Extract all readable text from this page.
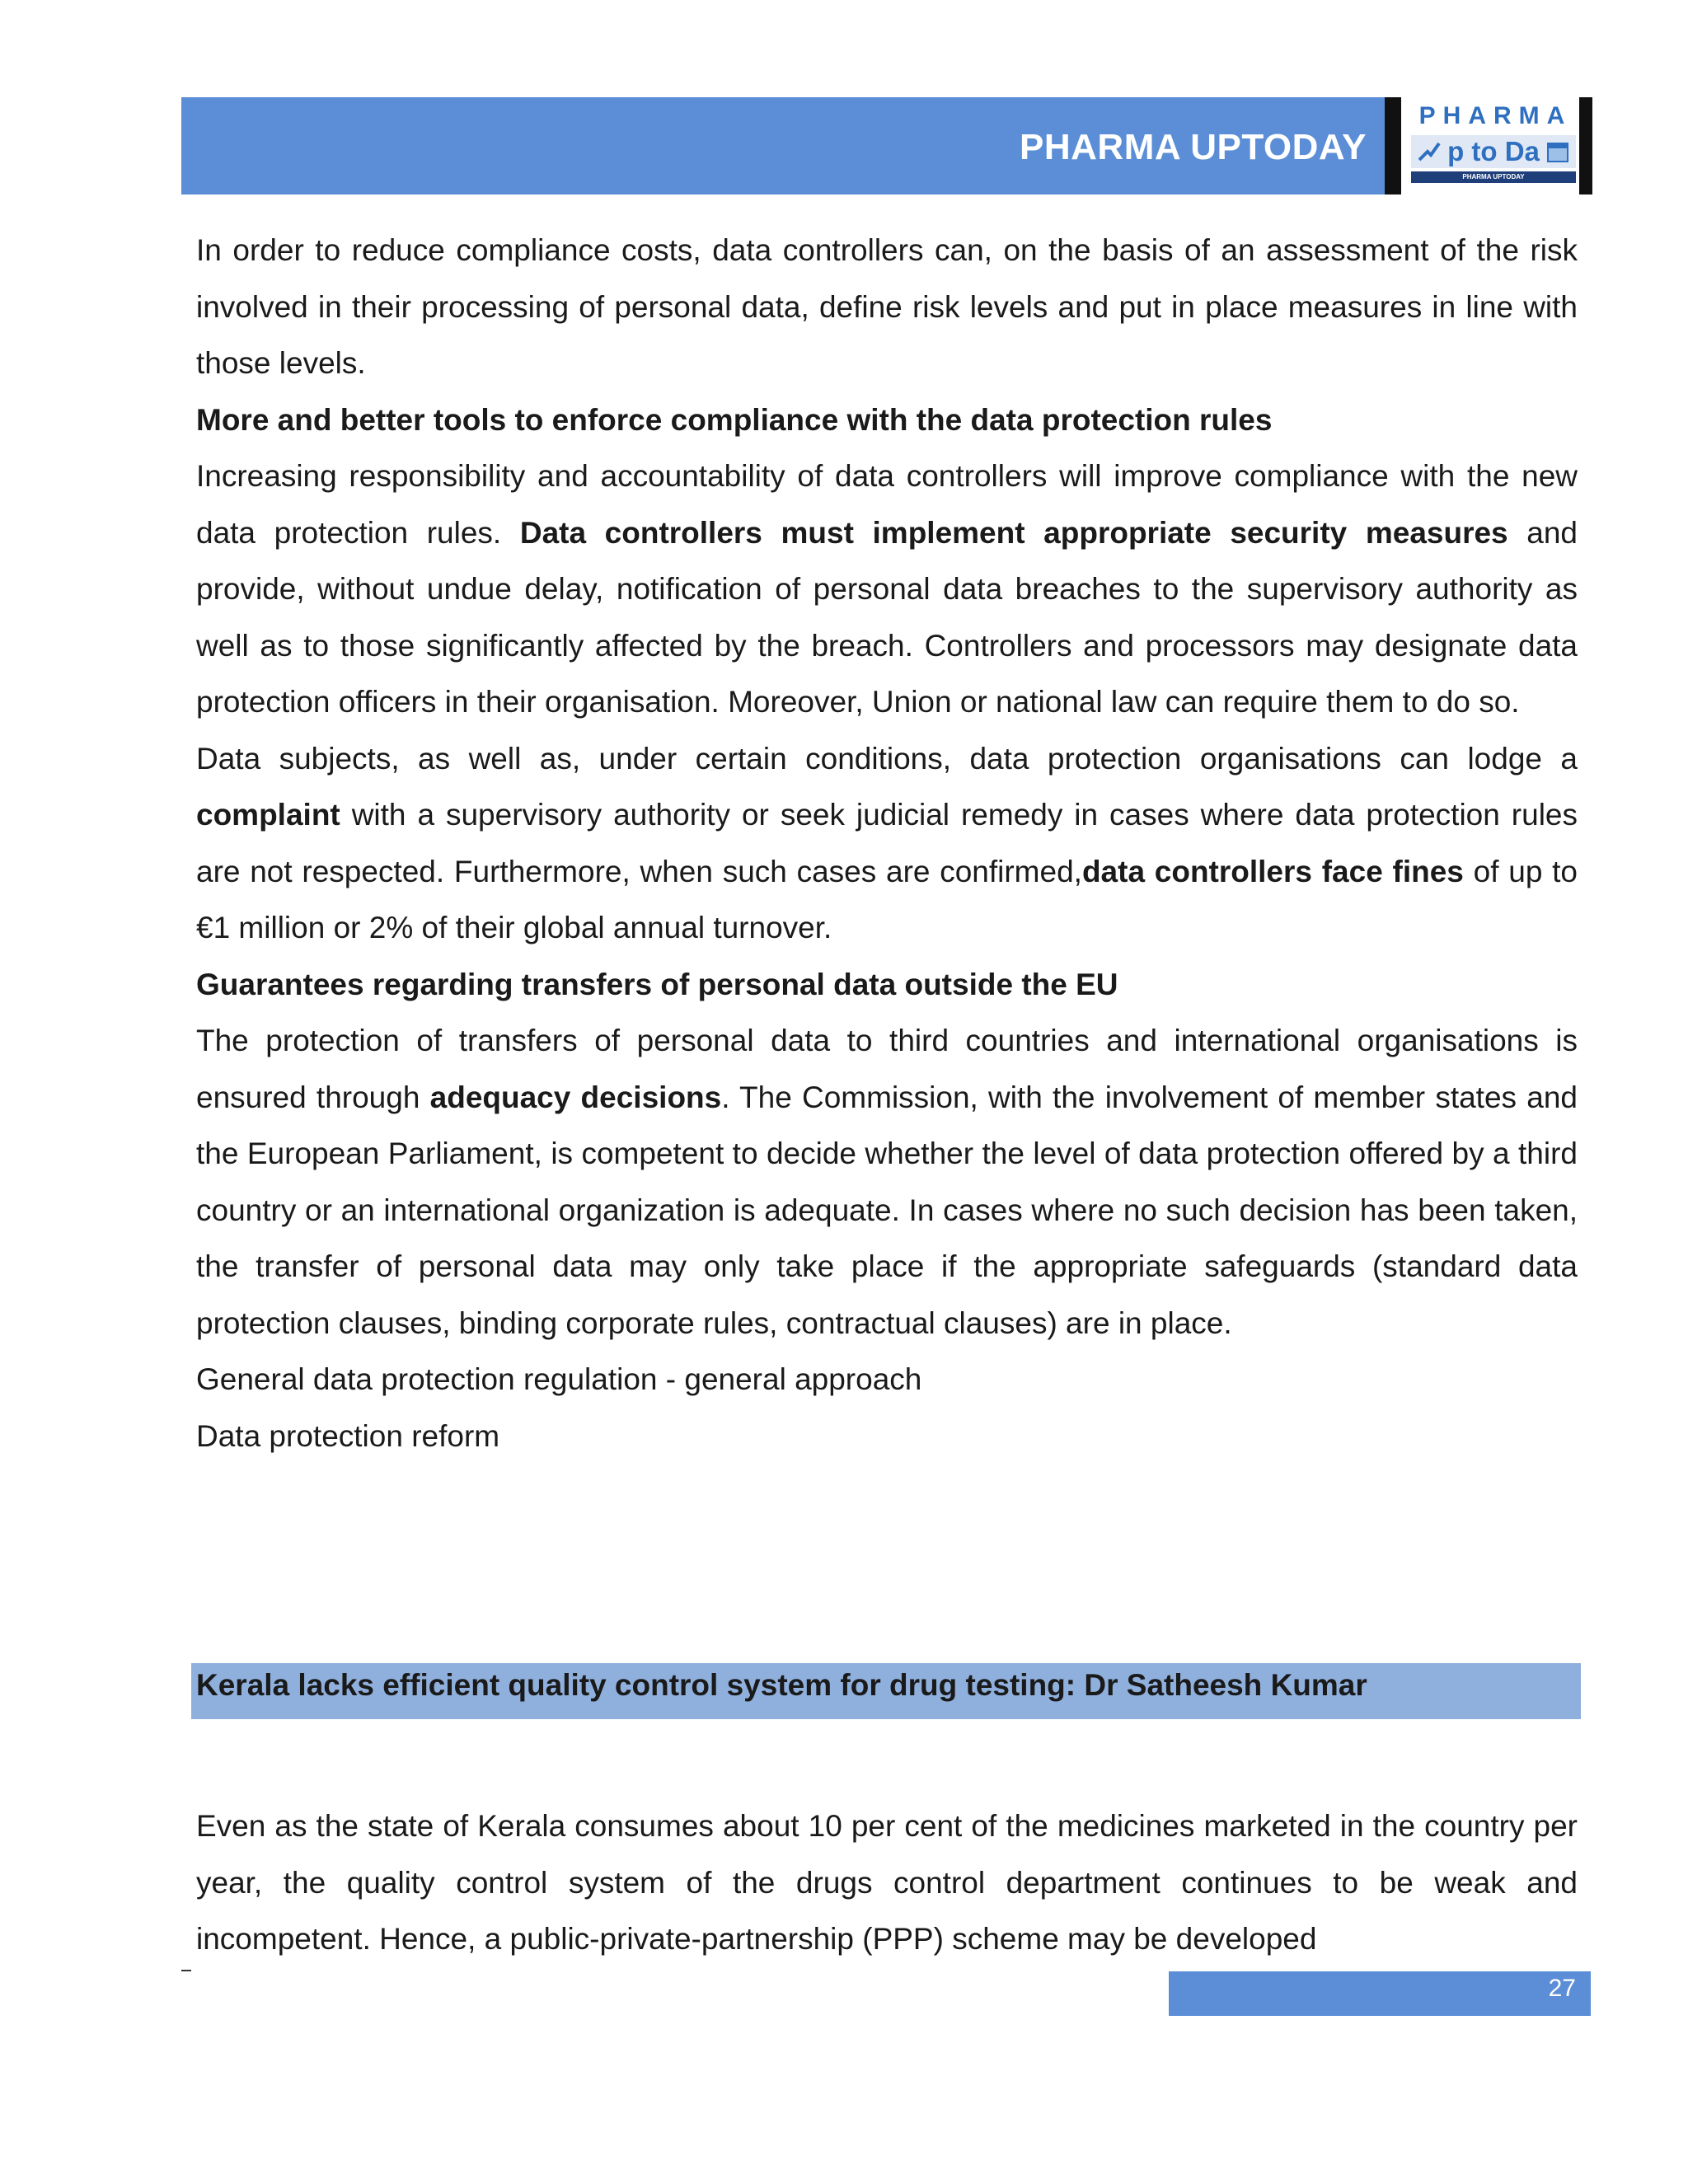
PHARMA UPTODAY
PHARMA
p to Da
PHARMA UPTODAY

In order to reduce compliance costs, data controllers can, on the basis of an assessment of the risk involved in their processing of personal data, define risk levels and put in place measures in line with those levels.

More and better tools to enforce compliance with the data protection rules

Increasing responsibility and accountability of data controllers will improve compliance with the new data protection rules. Data controllers must implement appropriate security measures and provide, without undue delay, notification of personal data breaches to the supervisory authority as well as to those significantly affected by the breach. Controllers and processors may designate data protection officers in their organisation. Moreover, Union or national law can require them to do so.

Data subjects, as well as, under certain conditions, data protection organisations can lodge a complaint with a supervisory authority or seek judicial remedy in cases where data protection rules are not respected. Furthermore, when such cases are confirmed,data controllers face fines of up to €1 million or 2% of their global annual turnover.

Guarantees regarding transfers of personal data outside the EU

The protection of transfers of personal data to third countries and international organisations is ensured through adequacy decisions. The Commission, with the involvement of member states and the European Parliament, is competent to decide whether the level of data protection offered by a third country or an international organization is adequate. In cases where no such decision has been taken, the transfer of personal data may only take place if the appropriate safeguards (standard data protection clauses, binding corporate rules, contractual clauses) are in place.

General data protection regulation - general approach

Data protection reform

Kerala lacks efficient quality control system for drug testing: Dr Satheesh Kumar
Even as the state of Kerala consumes about 10 per cent of the medicines marketed in the country per year, the quality control system of the drugs control department continues to be weak and incompetent. Hence, a public-private-partnership (PPP) scheme may be developed
27
